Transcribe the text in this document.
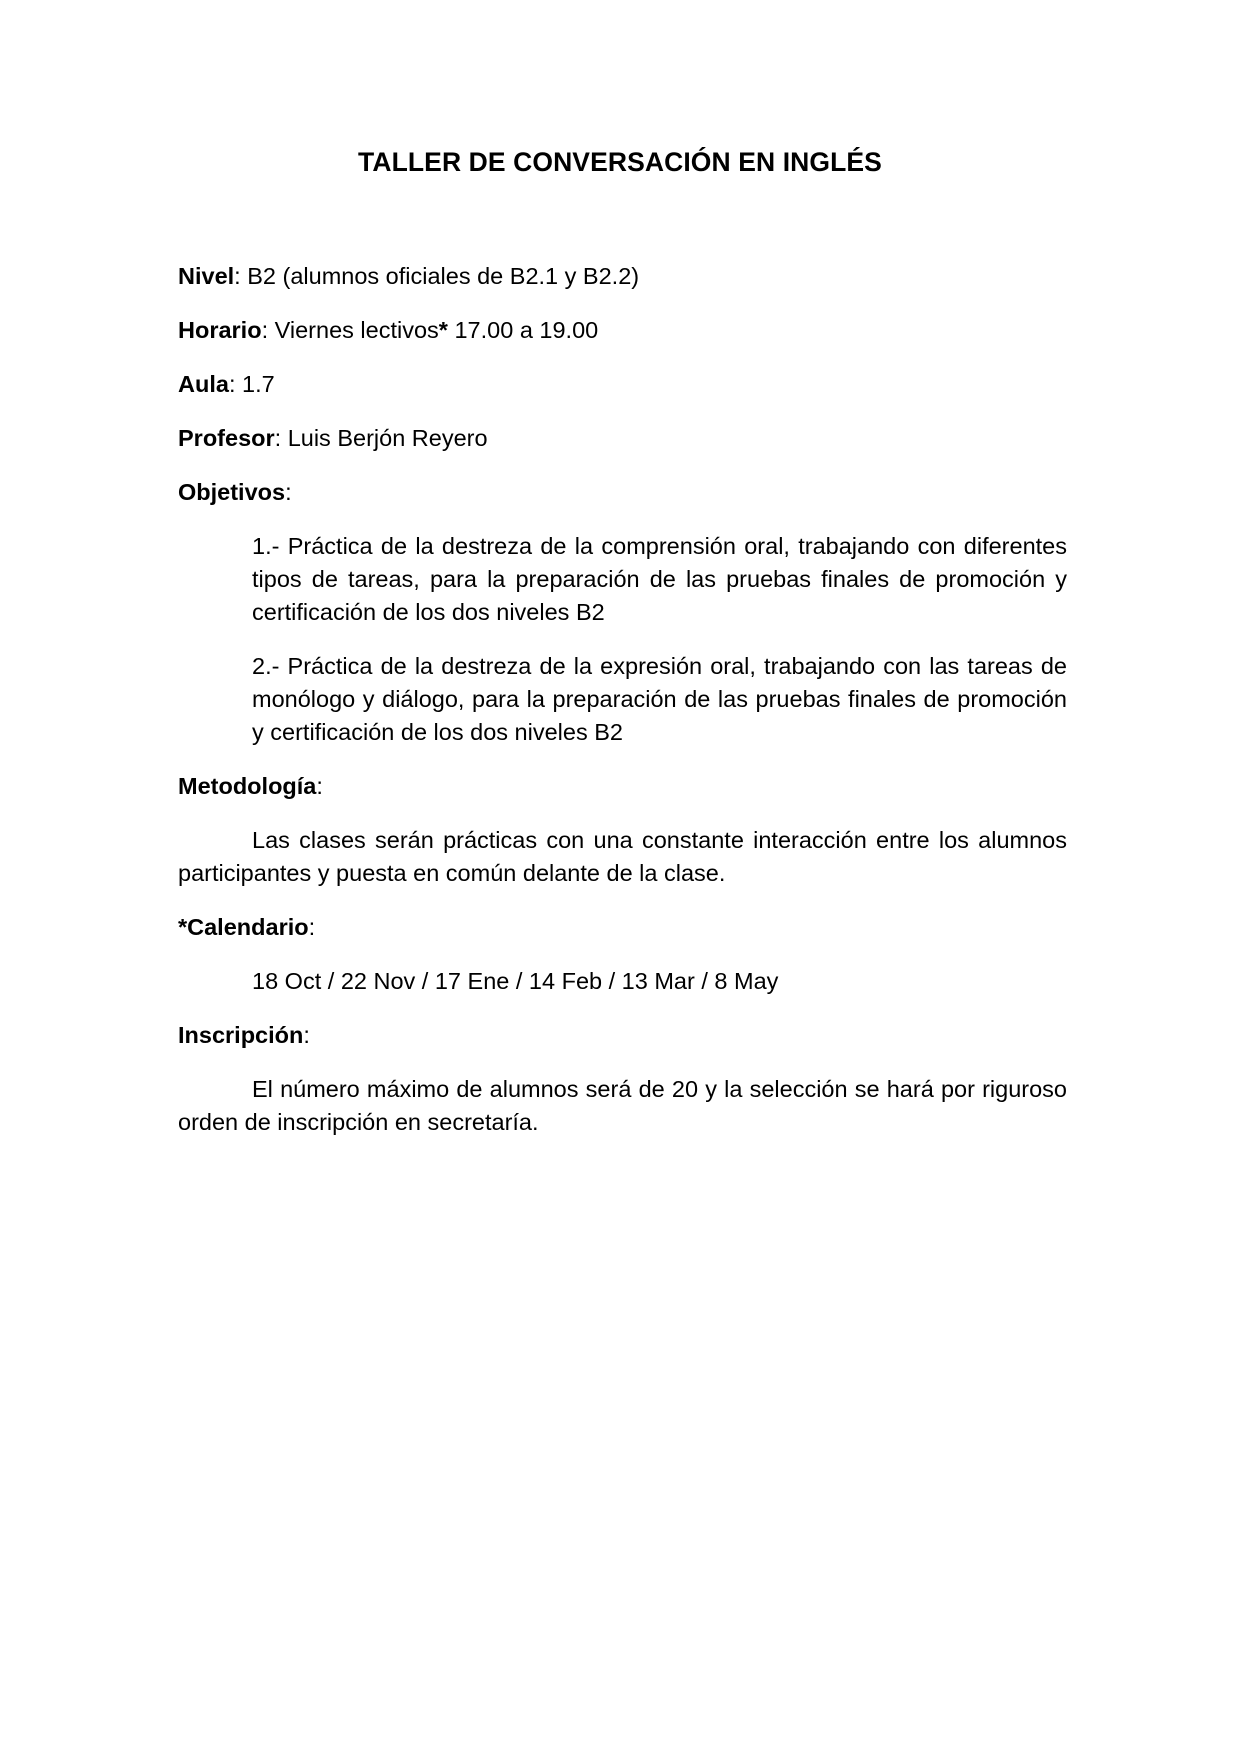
TALLER DE CONVERSACIÓN EN INGLÉS

Nivel: B2 (alumnos oficiales de B2.1 y B2.2)

Horario: Viernes lectivos* 17.00 a 19.00

Aula: 1.7

Profesor: Luis Berjón Reyero

Objetivos:

1.- Práctica de la destreza de la comprensión oral, trabajando con diferentes tipos de tareas, para la preparación de las pruebas finales de promoción y certificación de los dos niveles B2

2.- Práctica de la destreza de la expresión oral, trabajando con las tareas de monólogo y diálogo, para la preparación de las pruebas finales de promoción y certificación de los dos niveles B2

Metodología:

Las clases serán prácticas con una constante interacción entre los alumnos participantes y puesta en común delante de la clase.

*Calendario:

18 Oct / 22 Nov / 17 Ene / 14 Feb / 13 Mar / 8 May

Inscripción:

El número máximo de alumnos será de 20 y la selección se hará por riguroso orden de inscripción en secretaría.
